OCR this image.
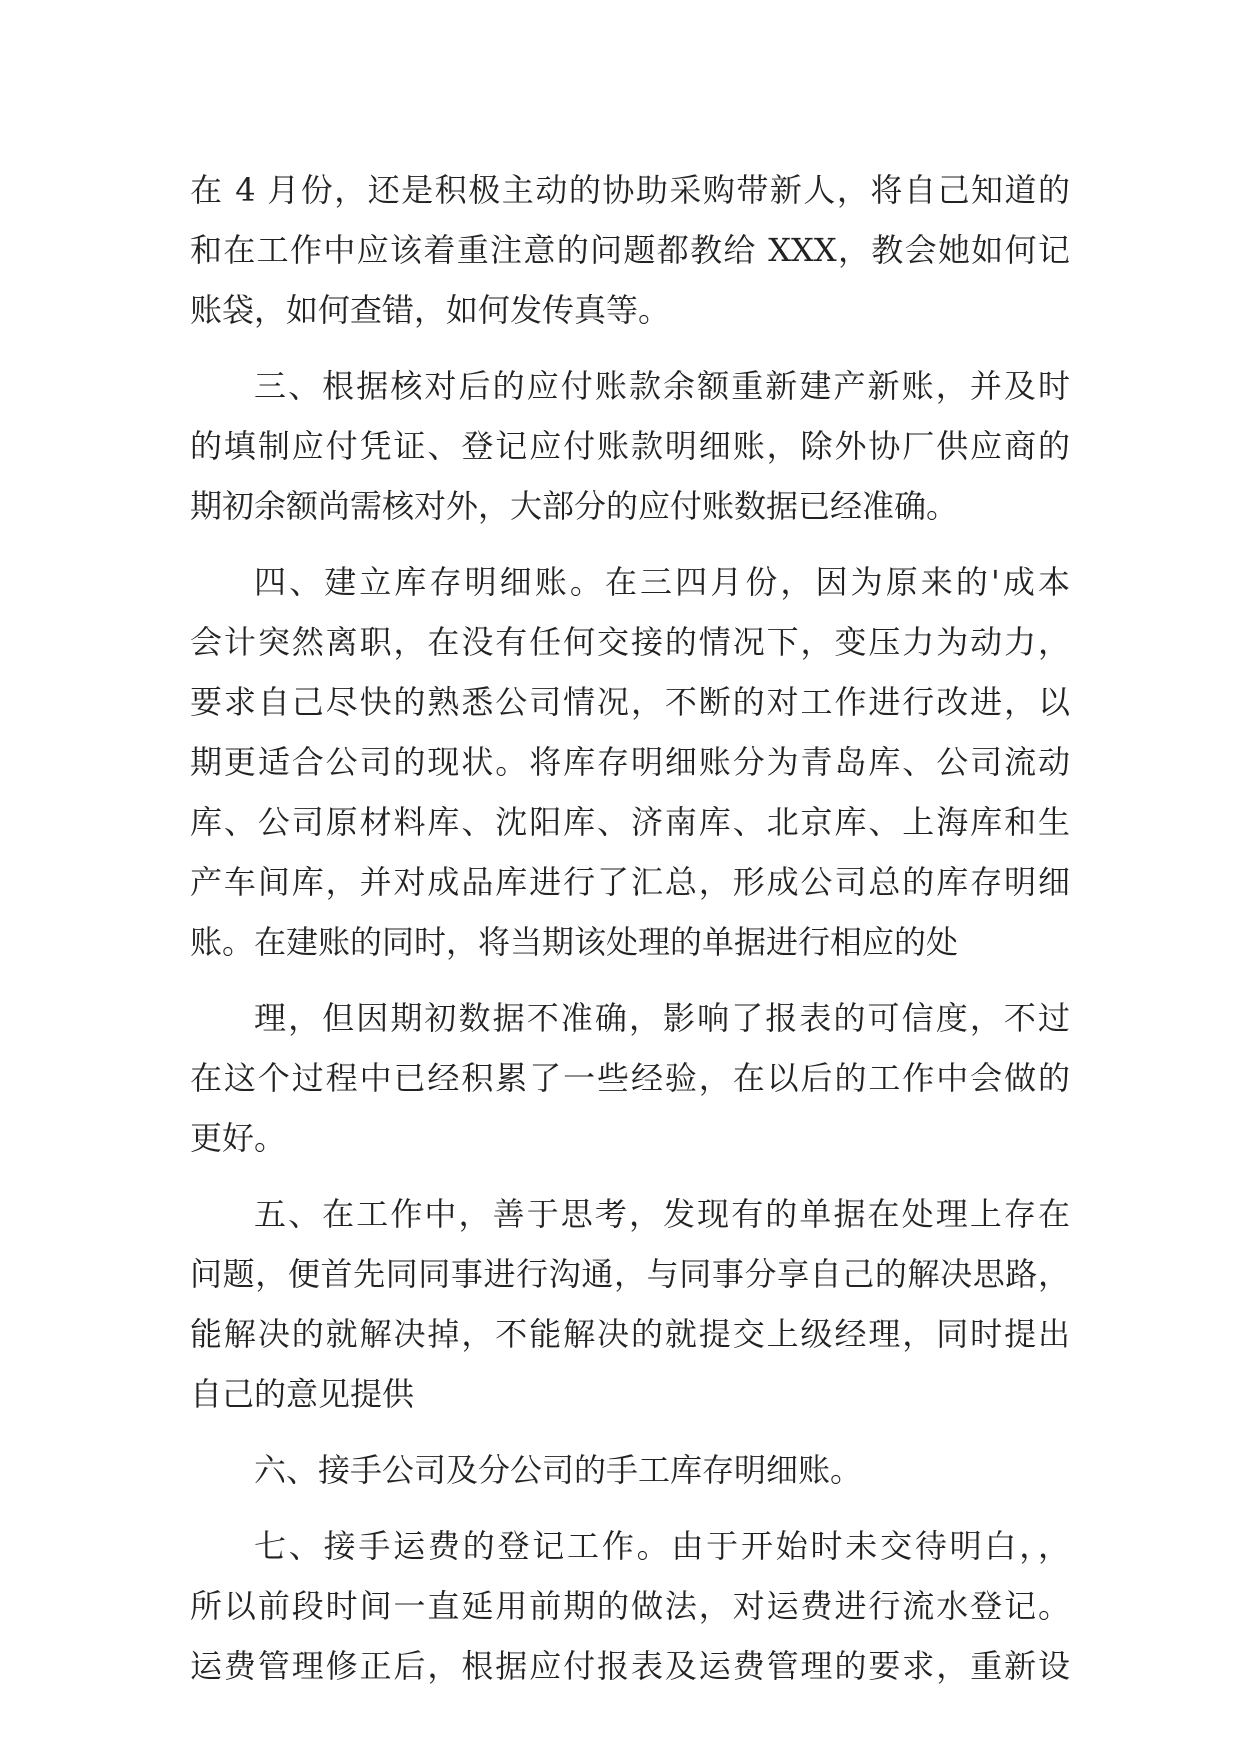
在 4 月份，还是积极主动的协助采购带新人，将自己知道的
和在工作中应该着重注意的问题都教给 XXX，教会她如何记
账袋，如何查错，如何发传真等。
三、根据核对后的应付账款余额重新建产新账，并及时
的填制应付凭证、登记应付账款明细账，除外协厂供应商的
期初余额尚需核对外，大部分的应付账数据已经准确。
四、建立库存明细账。在三四月份，因为原来的'成本
会计突然离职，在没有任何交接的情况下，变压力为动力，
要求自己尽快的熟悉公司情况，不断的对工作进行改进，以
期更适合公司的现状。将库存明细账分为青岛库、公司流动
库、公司原材料库、沈阳库、济南库、北京库、上海库和生
产车间库，并对成品库进行了汇总，形成公司总的库存明细
账。在建账的同时，将当期该处理的单据进行相应的处
理，但因期初数据不准确，影响了报表的可信度，不过
在这个过程中已经积累了一些经验，在以后的工作中会做的
更好。
五、在工作中，善于思考，发现有的单据在处理上存在
问题，便首先同同事进行沟通，与同事分享自己的解决思路，
能解决的就解决掉，不能解决的就提交上级经理，同时提出
自己的意见提供
六、接手公司及分公司的手工库存明细账。
七、接手运费的登记工作。由于开始时未交待明白，，
所以前段时间一直延用前期的做法，对运费进行流水登记。
运费管理修正后，根据应付报表及运费管理的要求，重新设
